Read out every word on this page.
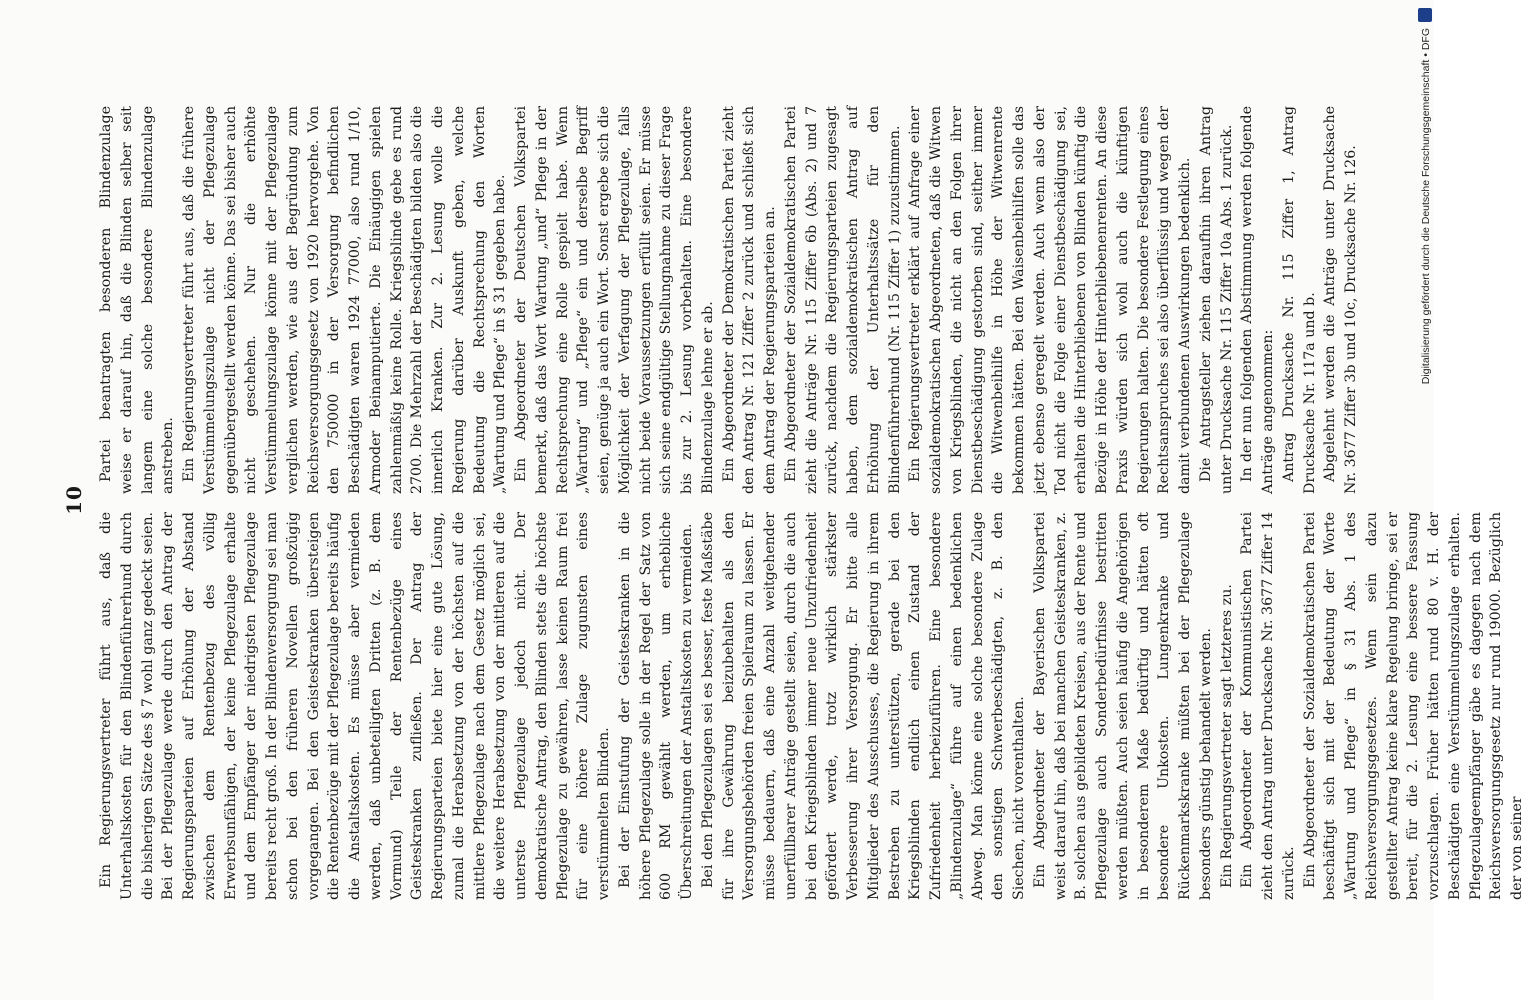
10

Ein Regierungsvertreter führt aus, daß die Unterhaltskosten für den Blindenführerhund durch die bisherigen Sätze des § 7 wohl ganz gedeckt seien. Bei der Pflegezulage werde durch den Antrag der Regierungsparteien auf Erhöhung der Abstand zwischen dem Rentenbezug des völlig Erwerbsunfähigen, der keine Pflegezulage erhalte und dem Empfänger der niedrigsten Pflegezulage bereits recht groß. In der Blindenversorgung sei man schon bei den früheren Novellen großzügig vorgegangen. Bei den Geisteskranken übersteigen die Rentenbezüge mit der Pflegezulage bereits häufig die Anstaltskosten. Es müsse aber vermieden werden, daß unbeteiligten Dritten (z. B. dem Vormund) Teile der Rentenbezüge eines Geisteskranken zufließen. Der Antrag der Regierungsparteien biete hier eine gute Lösung, zumal die Herabsetzung von der höchsten auf die mittlere Pflegezulage nach dem Gesetz möglich sei, die weitere Herabsetzung von der mittleren auf die unterste Pflegezulage jedoch nicht. Der demokratische Antrag, den Blinden stets die höchste Pflegezulage zu gewähren, lasse keinen Raum frei für eine höhere Zulage zugunsten eines verstümmelten Blinden. Bei der Einstufung der Geisteskranken in die höhere Pflegezulage solle in der Regel der Satz von 600 RM gewählt werden, um erhebliche Überschreitungen der Anstaltskosten zu vermeiden. Bei den Pflegezulagen sei es besser, feste Maßstäbe für ihre Gewährung beizubehalten als den Versorgungsbehörden freien Spielraum zu lassen. Er müsse bedauern, daß eine Anzahl weitgehender unerfüllbarer Anträge gestellt seien, durch die auch bei den Kriegsblinden immer neue Unzufriedenheit gefördert werde, trotz wirklich stärkster Verbesserung ihrer Versorgung. Er bitte alle Mitglieder des Ausschusses, die Regierung in ihrem Bestreben zu unterstützen, gerade bei den Kriegsblinden endlich einen Zustand der Zufriedenheit herbeizuführen. Eine besondere „Blindenzulage“ führe auf einen bedenklichen Abweg. Man könne eine solche besondere Zulage den sonstigen Schwerbeschädigten, z. B. den Siechen, nicht vorenthalten. Ein Abgeordneter der Bayerischen Volkspartei weist darauf hin, daß bei manchen Geisteskranken, z. B. solchen aus gebildeten Kreisen, aus der Rente und Pflegezulage auch Sonderbedürfnisse bestritten werden müßten. Auch seien häufig die Angehörigen in besonderem Maße bedürftig und hätten oft besondere Unkosten. Lungenkranke und Rückenmarkskranke müßten bei der Pflegezulage besonders günstig behandelt werden. Ein Regierungsvertreter sagt letzteres zu. Ein Abgeordneter der Kommunistischen Partei zieht den Antrag unter Drucksache Nr. 3677 Ziffer 14 zurück. Ein Abgeordneter der Sozialdemokratischen Partei beschäftigt sich mit der Bedeutung der Worte „Wartung und Pflege“ in § 31 Abs. 1 des Reichsversorgungsgesetzes. Wenn sein dazu gestellter Antrag keine klare Regelung bringe, sei er bereit, für die 2. Lesung eine bessere Fassung vorzuschlagen. Früher hätten rund 80 v. H. der Beschädigten eine Verstümmelungszulage erhalten. Pflegezulageempfänger gäbe es dagegen nach dem Reichsversorgungsgesetz nur rund 19000. Bezüglich der von seiner

Partei beantragten besonderen Blindenzulage weise er darauf hin, daß die Blinden selber seit langem eine solche besondere Blindenzulage anstreben. Ein Regierungsvertreter führt aus, daß die frühere Verstümmelungszulage nicht der Pflegezulage gegenübergestellt werden könne. Das sei bisher auch nicht geschehen. Nur die erhöhte Verstümmelungszulage könne mit der Pflegezulage verglichen werden, wie aus der Begründung zum Reichsversorgungsgesetz von 1920 hervorgehe. Von den 750000 in der Versorgung befindlichen Beschädigten waren 1924 77000, also rund 1/10, Armoder Beinamputierte. Die Einäugigen spielen zahlenmäßig keine Rolle. Kriegsblinde gebe es rund 2700. Die Mehrzahl der Beschädigten bilden also die innerlich Kranken. Zur 2. Lesung wolle die Regierung darüber Auskunft geben, welche Bedeutung die Rechtsprechung den Worten „Wartung und Pflege“ in § 31 gegeben habe. Ein Abgeordneter der Deutschen Volkspartei bemerkt, daß das Wort Wartung „und“ Pflege in der Rechtsprechung eine Rolle gespielt habe. Wenn „Wartung“ und „Pflege“ ein und derselbe Begriff seien, genüge ja auch ein Wort. Sonst ergebe sich die Möglichkeit der Verfagung der Pflegezulage, falls nicht beide Voraussetzungen erfüllt seien. Er müsse sich seine endgültige Stellungnahme zu dieser Frage bis zur 2. Lesung vorbehalten. Eine besondere Blindenzulage lehne er ab. Ein Abgeordneter der Demokratischen Partei zieht den Antrag Nr. 121 Ziffer 2 zurück und schließt sich dem Antrag der Regierungsparteien an. Ein Abgeordneter der Sozialdemokratischen Partei zieht die Anträge Nr. 115 Ziffer 6b (Abs. 2) und 7 zurück, nachdem die Regierungsparteien zugesagt haben, dem sozialdemokratischen Antrag auf Erhöhung der Unterhaltssätze für den Blindenführerhund (Nr. 115 Ziffer 1) zuzustimmen. Ein Regierungsvertreter erklärt auf Anfrage einer sozialdemokratischen Abgeordneten, daß die Witwen von Kriegsblinden, die nicht an den Folgen ihrer Dienstbeschädigung gestorben sind, seither immer die Witwenbeihilfe in Höhe der Witwenrente bekommen hätten. Bei den Waisenbeihilfen solle das jetzt ebenso geregelt werden. Auch wenn also der Tod nicht die Folge einer Dienstbeschädigung sei, erhalten die Hinterbliebenen von Blinden künftig die Bezüge in Höhe der Hinterbliebenenrenten. An diese Praxis würden sich wohl auch die künftigen Regierungen halten. Die besondere Festlegung eines Rechtsanspruches sei also überflüssig und wegen der damit verbundenen Auswirkungen bedenklich. Die Antragsteller ziehen daraufhin ihren Antrag unter Drucksache Nr. 115 Ziffer 10a Abs. 1 zurück. In der nun folgenden Abstimmung werden folgende Anträge angenommen: Antrag Drucksache Nr. 115 Ziffer 1, Antrag Drucksache Nr. 117a und b. Abgelehnt werden die Anträge unter Drucksache Nr. 3677 Ziffer 3b und 10c, Drucksache Nr. 126.	Digitalisierung gefördert durch die Deutsche Forschungsgemeinschaft • DFG
